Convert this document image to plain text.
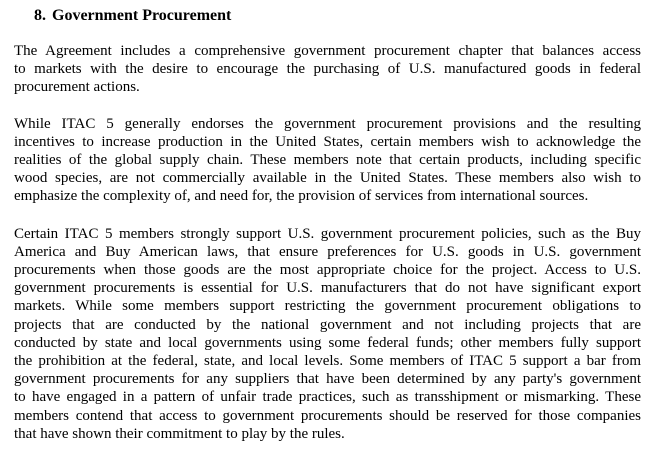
8. Government Procurement

The Agreement includes a comprehensive government procurement chapter that balances access
to markets with the desire to encourage the purchasing of U.S. manufactured goods in federal
procurement actions.

While ITAC 5 generally endorses the government procurement provisions and the resulting
incentives to increase production in the United States, certain members wish to acknowledge the
realities of the global supply chain. These members note that certain products, including specific
wood species, are not commercially available in the United States. These members also wish to
emphasize the complexity of, and need for, the provision of services from international sources.

Certain ITAC 5 members strongly support U.S. government procurement policies, such as the Buy
America and Buy American laws, that ensure preferences for U.S. goods in U.S. government
procurements when those goods are the most appropriate choice for the project. Access to U.S.
government procurements is essential for U.S. manufacturers that do not have significant export
markets. While some members support restricting the government procurement obligations to
projects that are conducted by the national government and not including projects that are
conducted by state and local governments using some federal funds; other members fully support
the prohibition at the federal, state, and local levels. Some members of ITAC 5 support a bar from
government procurements for any suppliers that have been determined by any party's government
to have engaged in a pattern of unfair trade practices, such as transshipment or mismarking. These
members contend that access to government procurements should be reserved for those companies
that have shown their commitment to play by the rules.
